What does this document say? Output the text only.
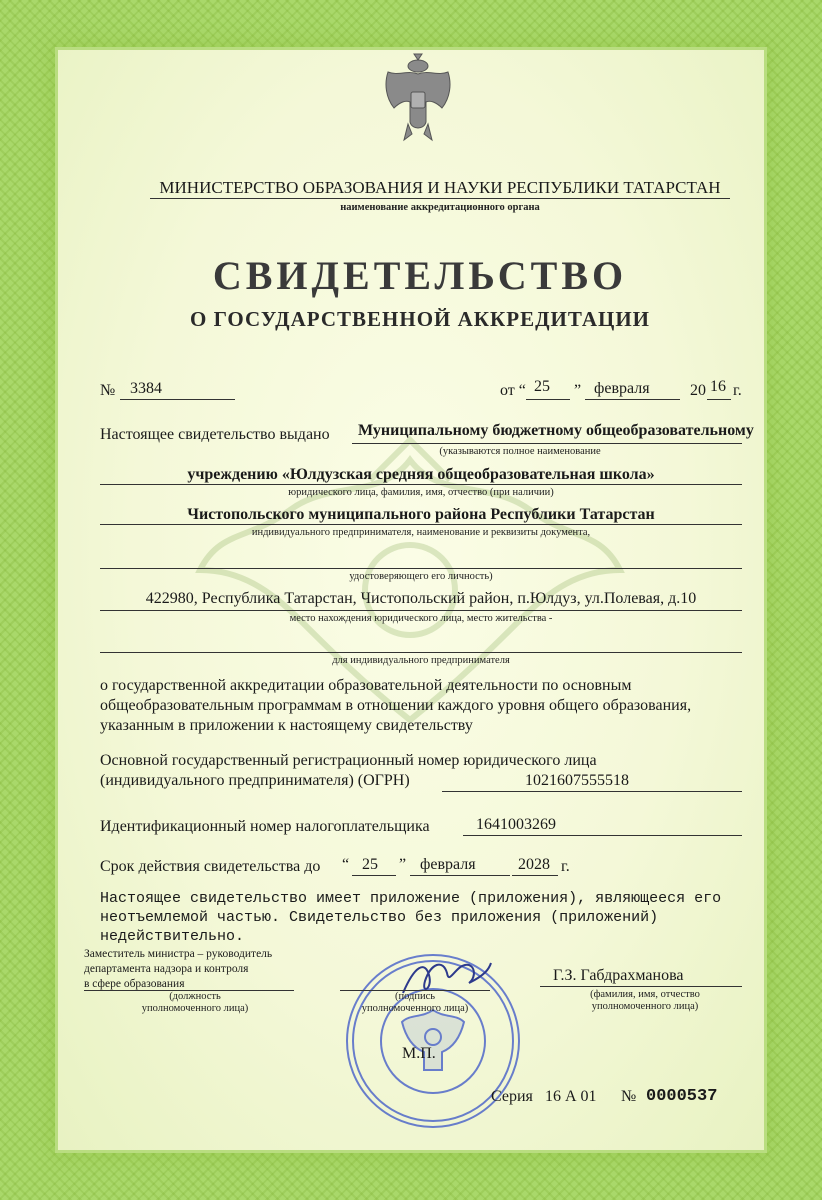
МИНИСТЕРСТВО ОБРАЗОВАНИЯ И НАУКИ РЕСПУБЛИКИ ТАТАРСТАН
наименование аккредитационного органа
СВИДЕТЕЛЬСТВО
О ГОСУДАРСТВЕННОЙ АККРЕДИТАЦИИ
№ 3384	от “ 25 ” февраля	20 16 г.
Настоящее свидетельство выдано Муниципальному бюджетному общеобразовательному
(указываются полное наименование
учреждению «Юлдузская средняя общеобразовательная школа»
юридического лица, фамилия, имя, отчество (при наличии)
Чистопольского муниципального района Республики Татарстан
индивидуального предпринимателя, наименование и реквизиты документа,
удостоверяющего его личность)
422980, Республика Татарстан, Чистопольский район, п.Юлдуз, ул.Полевая, д.10
место нахождения юридического лица, место жительства -
для индивидуального предпринимателя
о государственной аккредитации образовательной деятельности по основным
общеобразовательным программам в отношении каждого уровня общего образования,
указанным в приложении к настоящему свидетельству
Основной государственный регистрационный номер юридического лица
(индивидуального предпринимателя) (ОГРН)	1021607555518
Идентификационный номер налогоплательщика	1641003269
Срок действия свидетельства до “ 25 ” февраля	2028 г.
Настоящее свидетельство имеет приложение (приложения), являющееся его
неотъемлемой частью. Свидетельство без приложения (приложений)
недействительно.
Заместитель министра – руководитель
департамента надзора и контроля
в сфере образования
(должность
уполномоченного лица)
(подпись
уполномоченного лица)
Г.З. Габдрахманова
(фамилия, имя, отчество
уполномоченного лица)
М.П.
Серия 16 А 01 № 0000537
